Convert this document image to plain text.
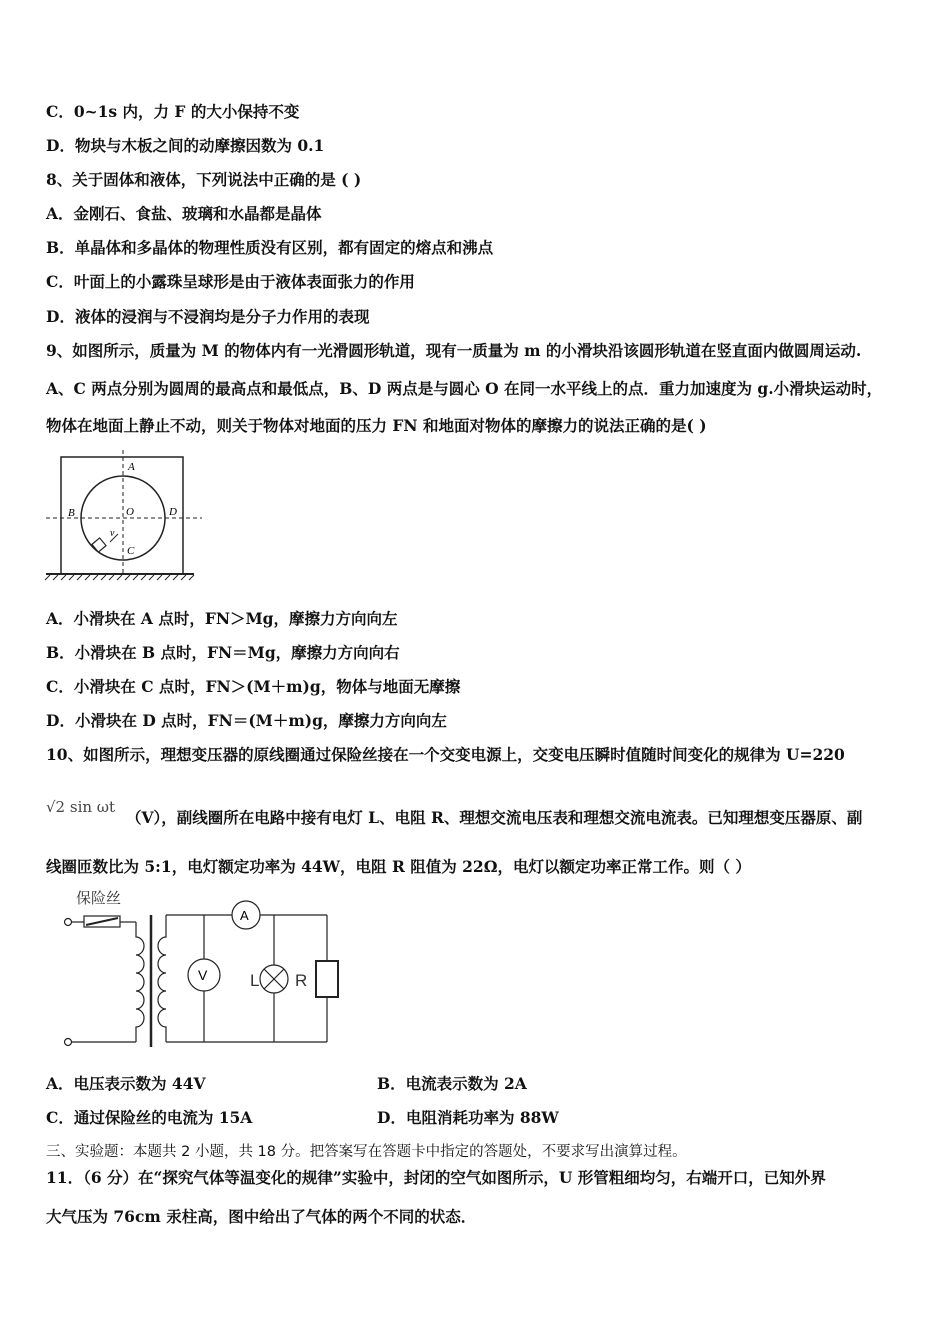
C．0~1s 内，力 F 的大小保持不变
D．物块与木板之间的动摩擦因数为 0.1
8、关于固体和液体，下列说法中正确的是 ( )
A．金刚石、食盐、玻璃和水晶都是晶体
B．单晶体和多晶体的物理性质没有区别，都有固定的熔点和沸点
C．叶面上的小露珠呈球形是由于液体表面张力的作用
D．液体的浸润与不浸润均是分子力作用的表现
9、如图所示，质量为 M 的物体内有一光滑圆形轨道，现有一质量为 m 的小滑块沿该圆形轨道在竖直面内做圆周运动.
A、C 两点分别为圆周的最高点和最低点，B、D 两点是与圆心 O 在同一水平线上的点．重力加速度为 g.小滑块运动时，
物体在地面上静止不动，则关于物体对地面的压力 FN 和地面对物体的摩擦力的说法正确的是( )
A
B	O	D
v
C
A．小滑块在 A 点时，FN＞Mg，摩擦力方向向左
B．小滑块在 B 点时，FN＝Mg，摩擦力方向向右
C．小滑块在 C 点时，FN＞(M＋m)g，物体与地面无摩擦
D．小滑块在 D 点时，FN＝(M＋m)g，摩擦力方向向左
10、如图所示，理想变压器的原线圈通过保险丝接在一个交变电源上，交变电压瞬时值随时间变化的规律为 U=220
√2 sin ωt
（V），副线圈所在电路中接有电灯 L、电阻 R、理想交流电压表和理想交流电流表。已知理想变压器原、副
线圈匝数比为 5:1，电灯额定功率为 44W，电阻 R 阻值为 22Ω，电灯以额定功率正常工作。则（ ）
V
A
L R
保险丝
A．电压表示数为 44V	B．电流表示数为 2A
C．通过保险丝的电流为 15A	D．电阻消耗功率为 88W
三、实验题：本题共 2 小题，共 18 分。把答案写在答题卡中指定的答题处，不要求写出演算过程。
11．（6 分）在“探究气体等温变化的规律”实验中，封闭的空气如图所示，U 形管粗细均匀，右端开口，已知外界
大气压为 76cm 汞柱高，图中给出了气体的两个不同的状态．
